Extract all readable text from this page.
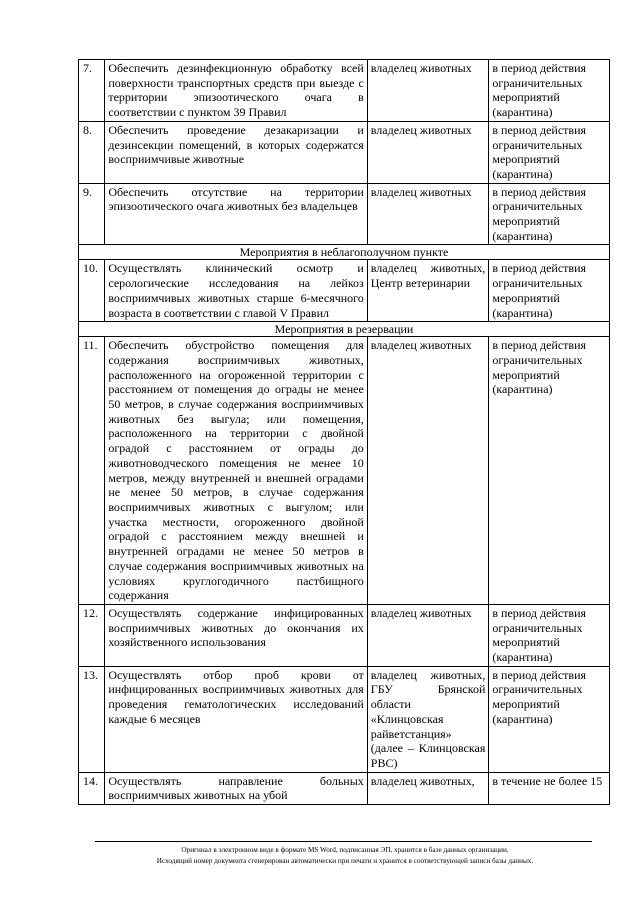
7.	Обеспечить дезинфекционную обработку всей поверхности транспортных средств при выезде с территории эпизоотического очага в соответствии с пунктом 39 Правил	владелец животных	в период действия ограничительных мероприятий (карантина)
8.	Обеспечить проведение дезакаризации и дезинсекции помещений, в которых содержатся восприимчивые животные	владелец животных	в период действия ограничительных мероприятий (карантина)
9.	Обеспечить отсутствие на территории эпизоотического очага животных без владельцев	владелец животных	в период действия ограничительных мероприятий (карантина)
Мероприятия в неблагополучном пункте			
10.	Осуществлять клинический осмотр и серологические исследования на лейкоз восприимчивых животных старше 6-месячного возраста в соответствии с главой V Правил	владелец животных, Центр ветеринарии	в период действия ограничительных мероприятий (карантина)
Мероприятия в резервации			
11.	Обеспечить обустройство помещения для содержания восприимчивых животных, расположенного на огороженной территории с расстоянием от помещения до ограды не менее 50 метров, в случае содержания восприимчивых животных без выгула; или помещения, расположенного на территории с двойной оградой с расстоянием от ограды до животноводческого помещения не менее 10 метров, между внутренней и внешней оградами не менее 50 метров, в случае содержания восприимчивых животных с выгулом; или участка местности, огороженного двойной оградой с расстоянием между внешней и внутренней оградами не менее 50 метров в случае содержания восприимчивых животных на условиях круглогодичного пастбищного содержания	владелец животных	в период действия ограничительных мероприятий (карантина)
12.	Осуществлять содержание инфицированных восприимчивых животных до окончания их хозяйственного использования	владелец животных	в период действия ограничительных мероприятий (карантина)
13.	Осуществлять отбор проб крови от инфицированных восприимчивых животных для проведения гематологических исследований каждые 6 месяцев	владелец животных, ГБУ Брянской области «Клинцовская райветстанция» (далее – Клинцовская РВС)	в период действия ограничительных мероприятий (карантина)
14.	Осуществлять направление больных восприимчивых животных на убой	владелец животных,	в течение не более 15
Оригинал в электронном виде в формате MS Word, подписанная ЭП, хранится в базе данных организации.
Исходящий номер документа сгенерирован автоматически при печати и хранится в соответствующей записи базы данных.
